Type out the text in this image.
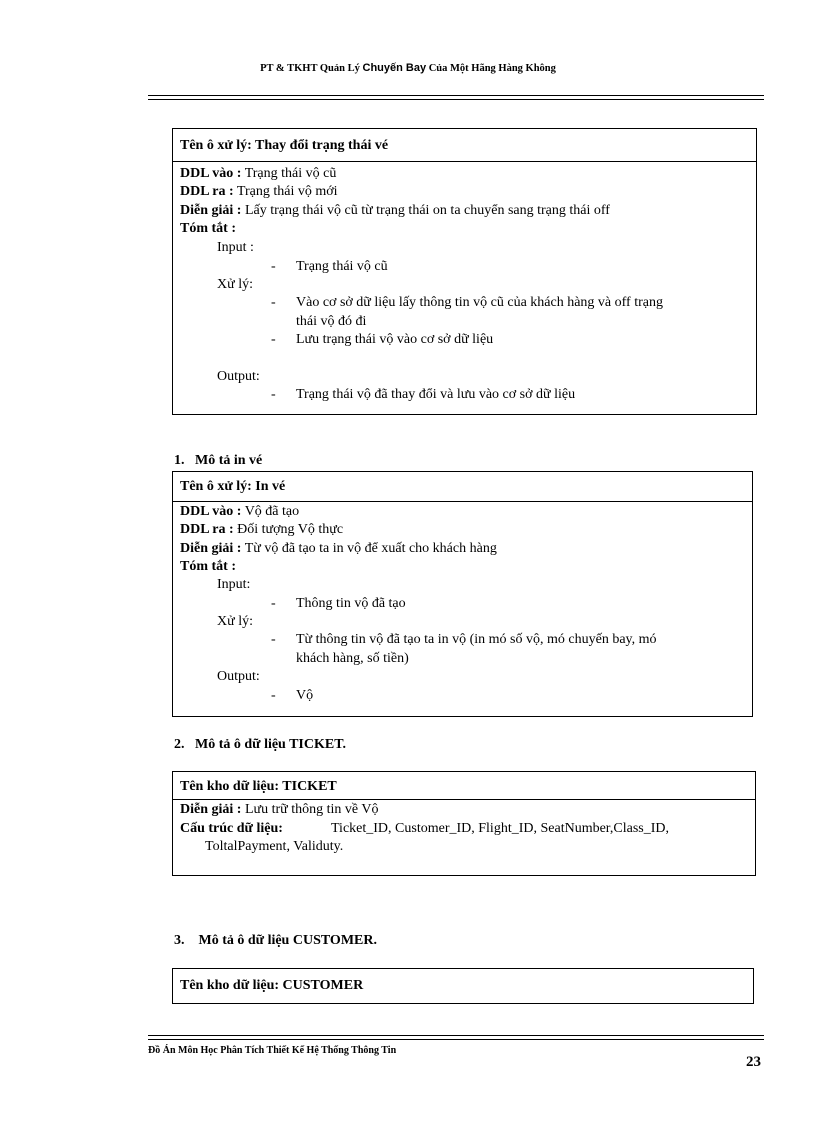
PT & TKHT Quản Lý Chuyến Bay Của Một Hãng Hàng Không
Tên ô xử lý: Thay đổi trạng thái vé
DDL vào : Trạng thái vộ cũ
DDL ra : Trạng thái vộ mới
Diễn giải : Lấy trạng thái vộ cũ từ trạng thái on ta chuyển sang trạng thái off
Tóm tắt :
Input :
- Trạng thái vộ cũ
Xử lý:
- Vào cơ sở dữ liệu lấy thông tin vộ cũ của khách hàng và off trạng
thái vộ đó đi
- Lưu trạng thái vộ vào cơ sở dữ liệu
Output:
- Trạng thái vộ đã thay đổi và lưu vào cơ sở dữ liệu
1. Mô tả in vé
Tên ô xử lý: In vé
DDL vào : Vộ đã tạo
DDL ra : Đối tượng Vộ thực
Diễn giải : Từ vộ đã tạo ta in vộ để xuất cho khách hàng
Tóm tắt :
Input:
- Thông tin vộ đã tạo
Xử lý:
- Từ thông tin vộ đã tạo ta in vộ (in mó số vộ, mó chuyến bay, mó
khách hàng, số tiền)
Output:
- Vộ
2. Mô tả ô dữ liệu TICKET.
Tên kho dữ liệu: TICKET
Diễn giải : Lưu trữ thông tin về Vộ
Cấu trúc dữ liệu:	Ticket_ID, Customer_ID, Flight_ID, SeatNumber,Class_ID,
ToltalPayment, Validuty.
3. Mô tả ô dữ liệu CUSTOMER.
Tên kho dữ liệu: CUSTOMER
Đồ Án Môn Học Phân Tích Thiết Kế Hệ Thống Thông Tin
23
